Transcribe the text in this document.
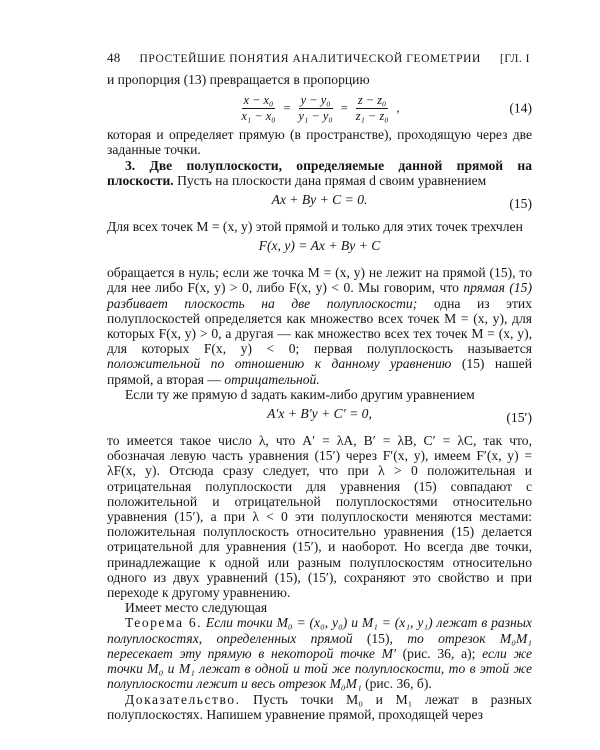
48 ПРОСТЕЙШИЕ ПОНЯТИЯ АНАЛИТИЧЕСКОЙ ГЕОМЕТРИИ [ГЛ. I

и пропорция (13) превращается в пропорцию

$\frac{\text{x − x₀}}{\text{x₁ − x₀}} = \frac{\text{y − y₀}}{\text{y₁ − y₀}} = \frac{\text{z − z₀}}{\text{z₁ − z₀}}$ ,	(14)

которая и определяет прямую (в пространстве), проходящую через две заданные точки.

3. Две полуплоскости, определяемые данной прямой на плоскости. Пусть на плоскости дана прямая d своим уравнением

Ax + By + C = 0.	(15)

Для всех точек M = (x, y) этой прямой и только для этих точек трехчлен

F(x, y) = Ax + By + C

обращается в нуль; если же точка M = (x, y) не лежит на прямой (15), то для нее либо F(x, y) > 0, либо F(x, y) < 0. Мы говорим, что прямая (15) разбивает плоскость на две полуплоскости; одна из этих полуплоскостей определяется как множество всех точек M = (x, y), для которых F(x, y) > 0, а другая — как множество всех тех точек M = (x, y), для которых F(x, y) < 0; первая полуплоскость называется положительной по отношению к данному уравнению (15) нашей прямой, а вторая — отрицательной.

Если ту же прямую d задать каким-либо другим уравнением

A′x + B′y + C′ = 0,	(15′)

то имеется такое число λ, что A′ = λA, B′ = λB, C′ = λC, так что, обозначая левую часть уравнения (15′) через F′(x, y), имеем F′(x, y) = λF(x, y). Отсюда сразу следует, что при λ > 0 положительная и отрицательная полуплоскости для уравнения (15) совпадают с положительной и отрицательной полуплоскостями относительно уравнения (15′), а при λ < 0 эти полуплоскости меняются местами: положительная полуплоскость относительно уравнения (15) делается отрицательной для уравнения (15′), и наоборот. Но всегда две точки, принадлежащие к одной или разным полуплоскостям относительно одного из двух уравнений (15), (15′), сохраняют это свойство и при переходе к другому уравнению.

Имеет место следующая

Теорема 6. Если точки M₀ = (x₀, y₀) и M₁ = (x₁, y₁) лежат в разных полуплоскостях, определенных прямой (15), то отрезок M₀M₁ пересекает эту прямую в некоторой точке M′ (рис. 36, а); если же точки M₀ и M₁ лежат в одной и той же полуплоскости, то в этой же полуплоскости лежит и весь отрезок M₀M₁ (рис. 36, б).

Доказательство. Пусть точки M₀ и M₁ лежат в разных полуплоскостях. Напишем уравнение прямой, проходящей через
